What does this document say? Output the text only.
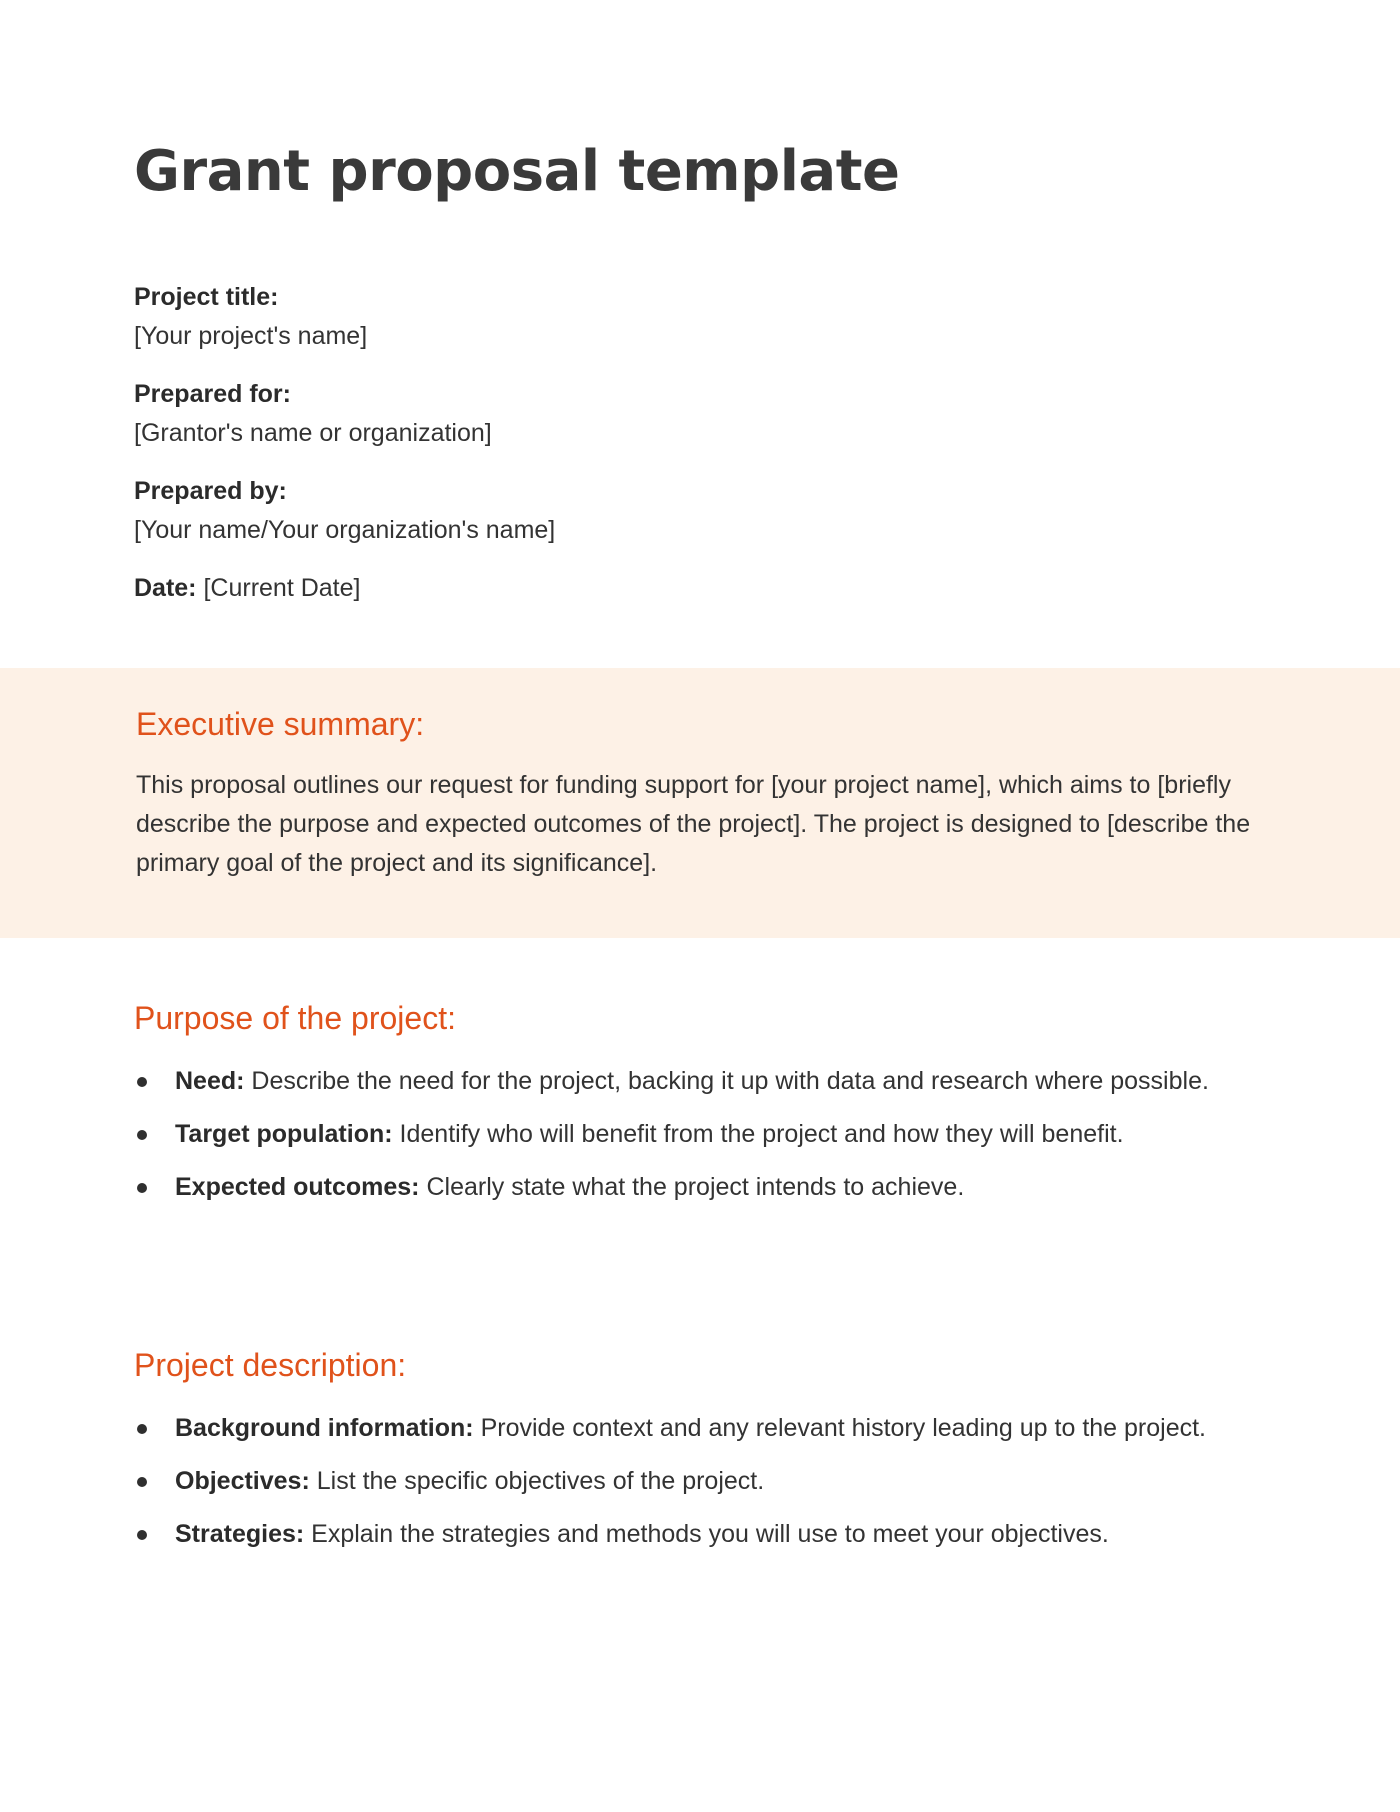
Grant proposal template
Project title:
[Your project's name]
Prepared for:
[Grantor's name or organization]
Prepared by:
[Your name/Your organization's name]
Date: [Current Date]
Executive summary:

This proposal outlines our request for funding support for [your project name], which aims to [briefly describe the purpose and expected outcomes of the project]. The project is designed to [describe the primary goal of the project and its significance].

Purpose of the project:
Need: Describe the need for the project, backing it up with data and research where possible.
Target population: Identify who will benefit from the project and how they will benefit.
Expected outcomes: Clearly state what the project intends to achieve.
Project description:
Background information: Provide context and any relevant history leading up to the project.
Objectives: List the specific objectives of the project.
Strategies: Explain the strategies and methods you will use to meet your objectives.
